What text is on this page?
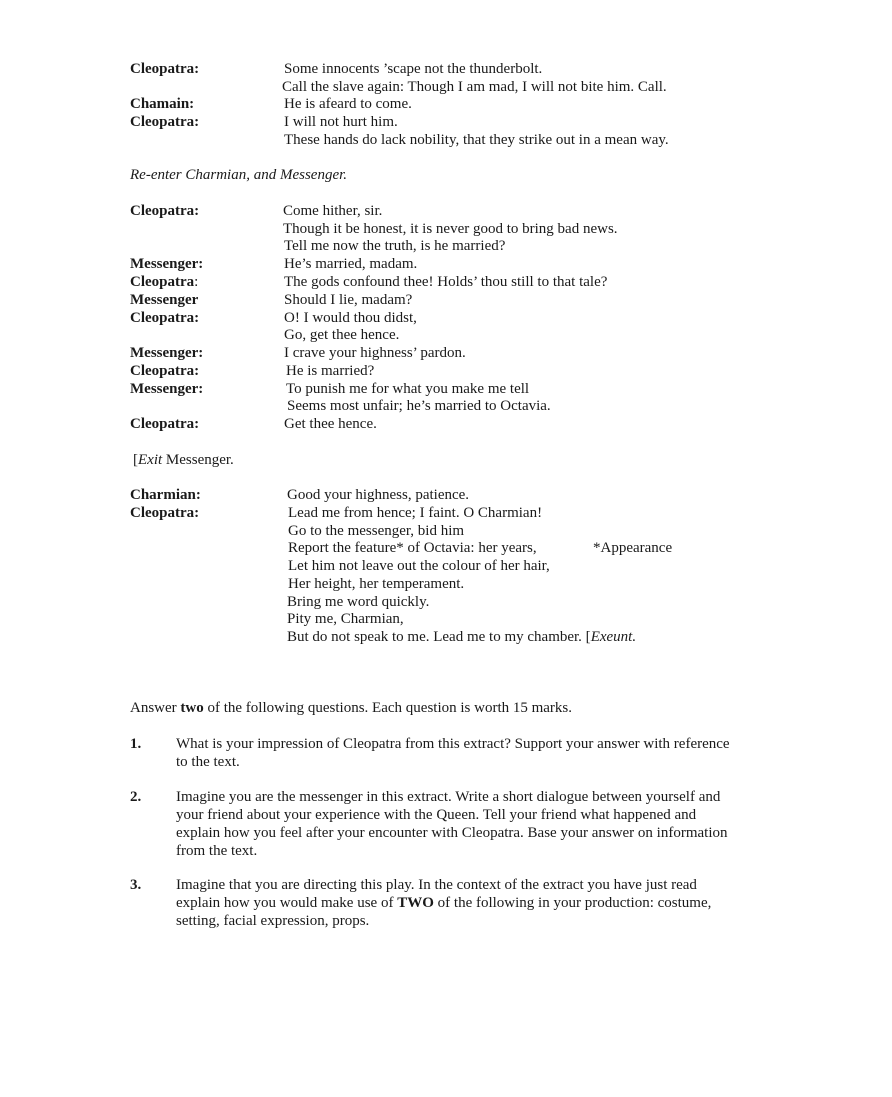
Cleopatra:	Some innocents ’scape not the thunderbolt.
Call the slave again: Though I am mad, I will not bite him. Call.
Chamain:	He is afeard to come.
Cleopatra:	I will not hurt him.
These hands do lack nobility, that they strike out in a mean way.
Re-enter Charmian, and Messenger.
Cleopatra:	Come hither, sir.
Though it be honest, it is never good to bring bad news.
Tell me now the truth, is he married?
Messenger:	He’s married, madam.
Cleopatra:	The gods confound thee! Holds’ thou still to that tale?
Messenger	Should I lie, madam?
Cleopatra:	O! I would thou didst,
Go, get thee hence.
Messenger:	I crave your highness’ pardon.
Cleopatra:	He is married?
Messenger:	To punish me for what you make me tell
Seems most unfair; he’s married to Octavia.
Cleopatra:	Get thee hence.
[Exit Messenger.
Charmian:	Good your highness, patience.
Cleopatra:	Lead me from hence; I faint. O Charmian!
Go to the messenger, bid him
Report the feature* of Octavia: her years,	*Appearance
Let him not leave out the colour of her hair,
Her height, her temperament.
Bring me word quickly.
Pity me, Charmian,
But do not speak to me. Lead me to my chamber. [Exeunt.
Answer two of the following questions. Each question is worth 15 marks.
1. What is your impression of Cleopatra from this extract? Support your answer with reference
to the text.
2. Imagine you are the messenger in this extract. Write a short dialogue between yourself and
your friend about your experience with the Queen. Tell your friend what happened and
explain how you feel after your encounter with Cleopatra. Base your answer on information
from the text.
3. Imagine that you are directing this play. In the context of the extract you have just read
explain how you would make use of TWO of the following in your production: costume,
setting, facial expression, props.
